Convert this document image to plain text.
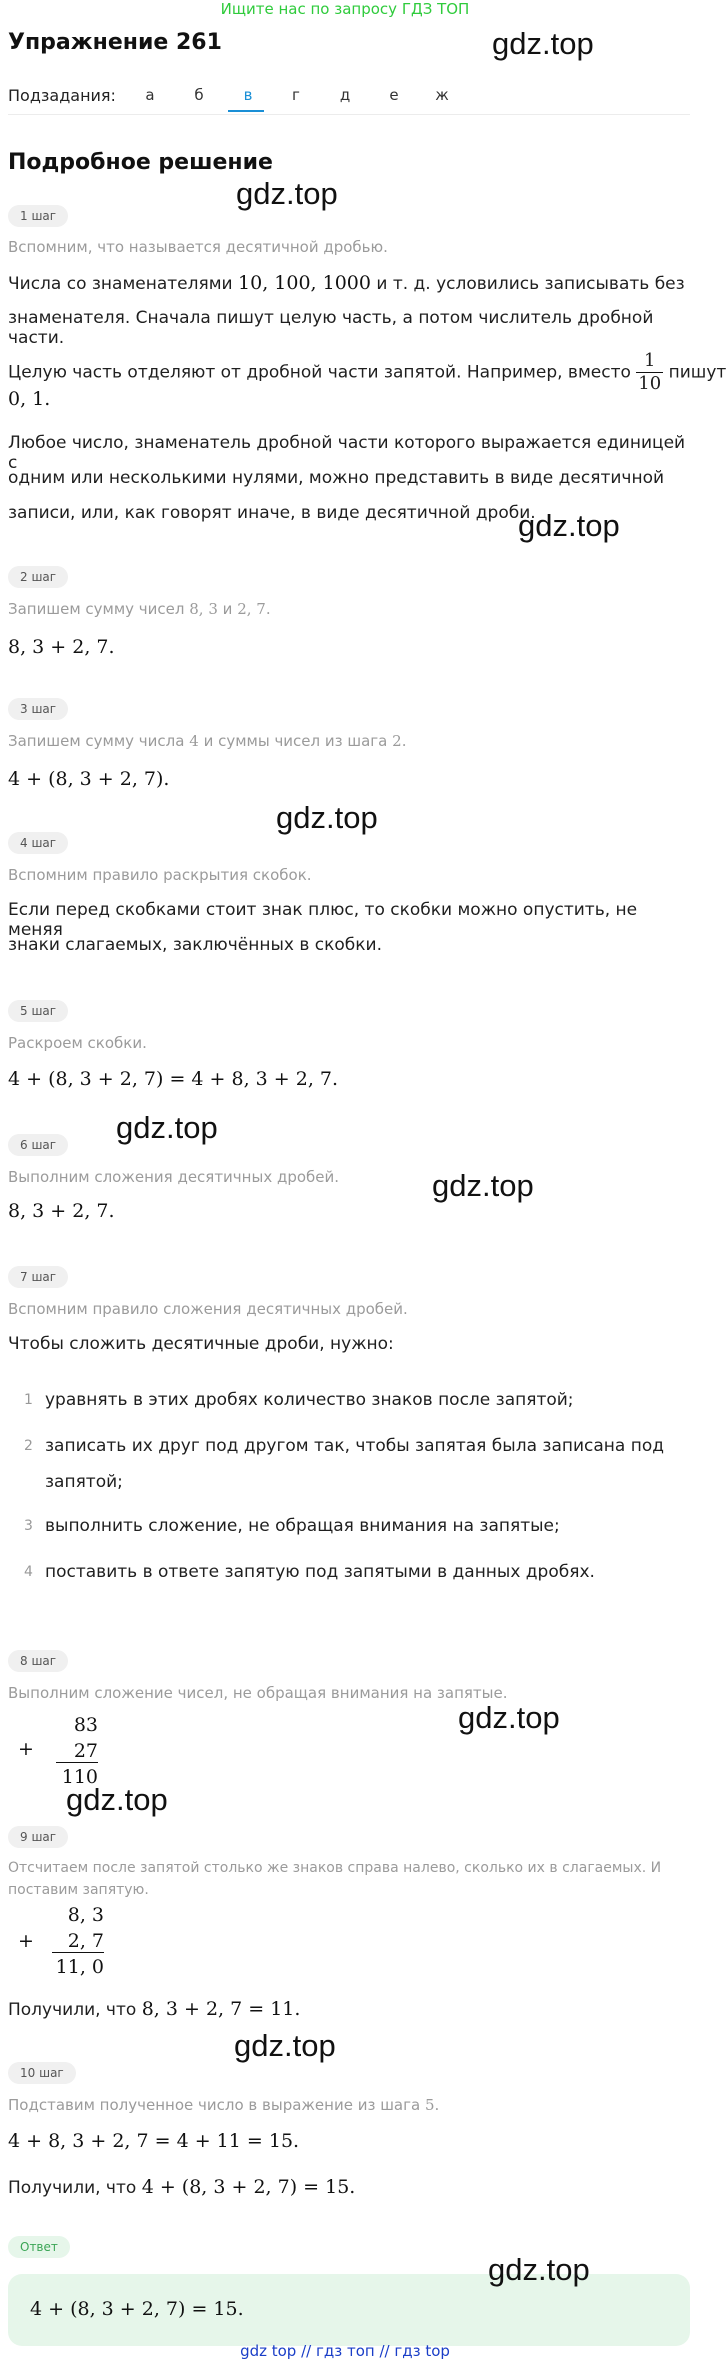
Ищите нас по запросу ГДЗ ТОП
Упражнение 261	gdz.top
Подзадания:	а	б	в	г	д	е	ж
Подробное решение
gdz.top
1 шаг
Вспомним, что называется десятичной дробью.
Числа со знаменателями 10, 100, 1000 и т. д. условились записывать без
знаменателя. Сначала пишут целую часть, а потом числитель дробной части.
Целую часть отделяют от дробной части запятой. Например, вместо $\frac{1}{10}$ пишут
0, 1.
Любое число, знаменатель дробной части которого выражается единицей с
одним или несколькими нулями, можно представить в виде десятичной
записи, или, как говорят иначе, в виде десятичной дроби.
gdz.top
2 шаг
Запишем сумму чисел 8, 3 и 2, 7.
8, 3 + 2, 7.
3 шаг
Запишем сумму числа 4 и суммы чисел из шага 2.
4 + (8, 3 + 2, 7).
gdz.top
4 шаг
Вспомним правило раскрытия скобок.
Если перед скобками стоит знак плюс, то скобки можно опустить, не меняя
знаки слагаемых, заключённых в скобки.
5 шаг
Раскроем скобки.
4 + (8, 3 + 2, 7) = 4 + 8, 3 + 2, 7.
gdz.top
6 шаг
gdz.top
Выполним сложения десятичных дробей.
8, 3 + 2, 7.
7 шаг
Вспомним правило сложения десятичных дробей.
Чтобы сложить десятичные дроби, нужно:
1 уравнять в этих дробях количество знаков после запятой;
2 записать их друг под другом так, чтобы запятая была записана под
запятой;
3 выполнить сложение, не обращая внимания на запятые;
4 поставить в ответе запятую под запятыми в данных дробях.
8 шаг
Выполним сложение чисел, не обращая внимания на запятые.
gdz.top
+
83
27
110
gdz.top
9 шаг
Отсчитаем после запятой столько же знаков справа налево, сколько их в слагаемых. И
поставим запятую.
+
8, 3
2, 7
11, 0
Получили, что 8, 3 + 2, 7 = 11.
gdz.top
10 шаг
Подставим полученное число в выражение из шага 5.
4 + 8, 3 + 2, 7 = 4 + 11 = 15.
Получили, что 4 + (8, 3 + 2, 7) = 15.
Ответ
gdz.top
4 + (8, 3 + 2, 7) = 15.
gdz top // гдз топ // гдз top
